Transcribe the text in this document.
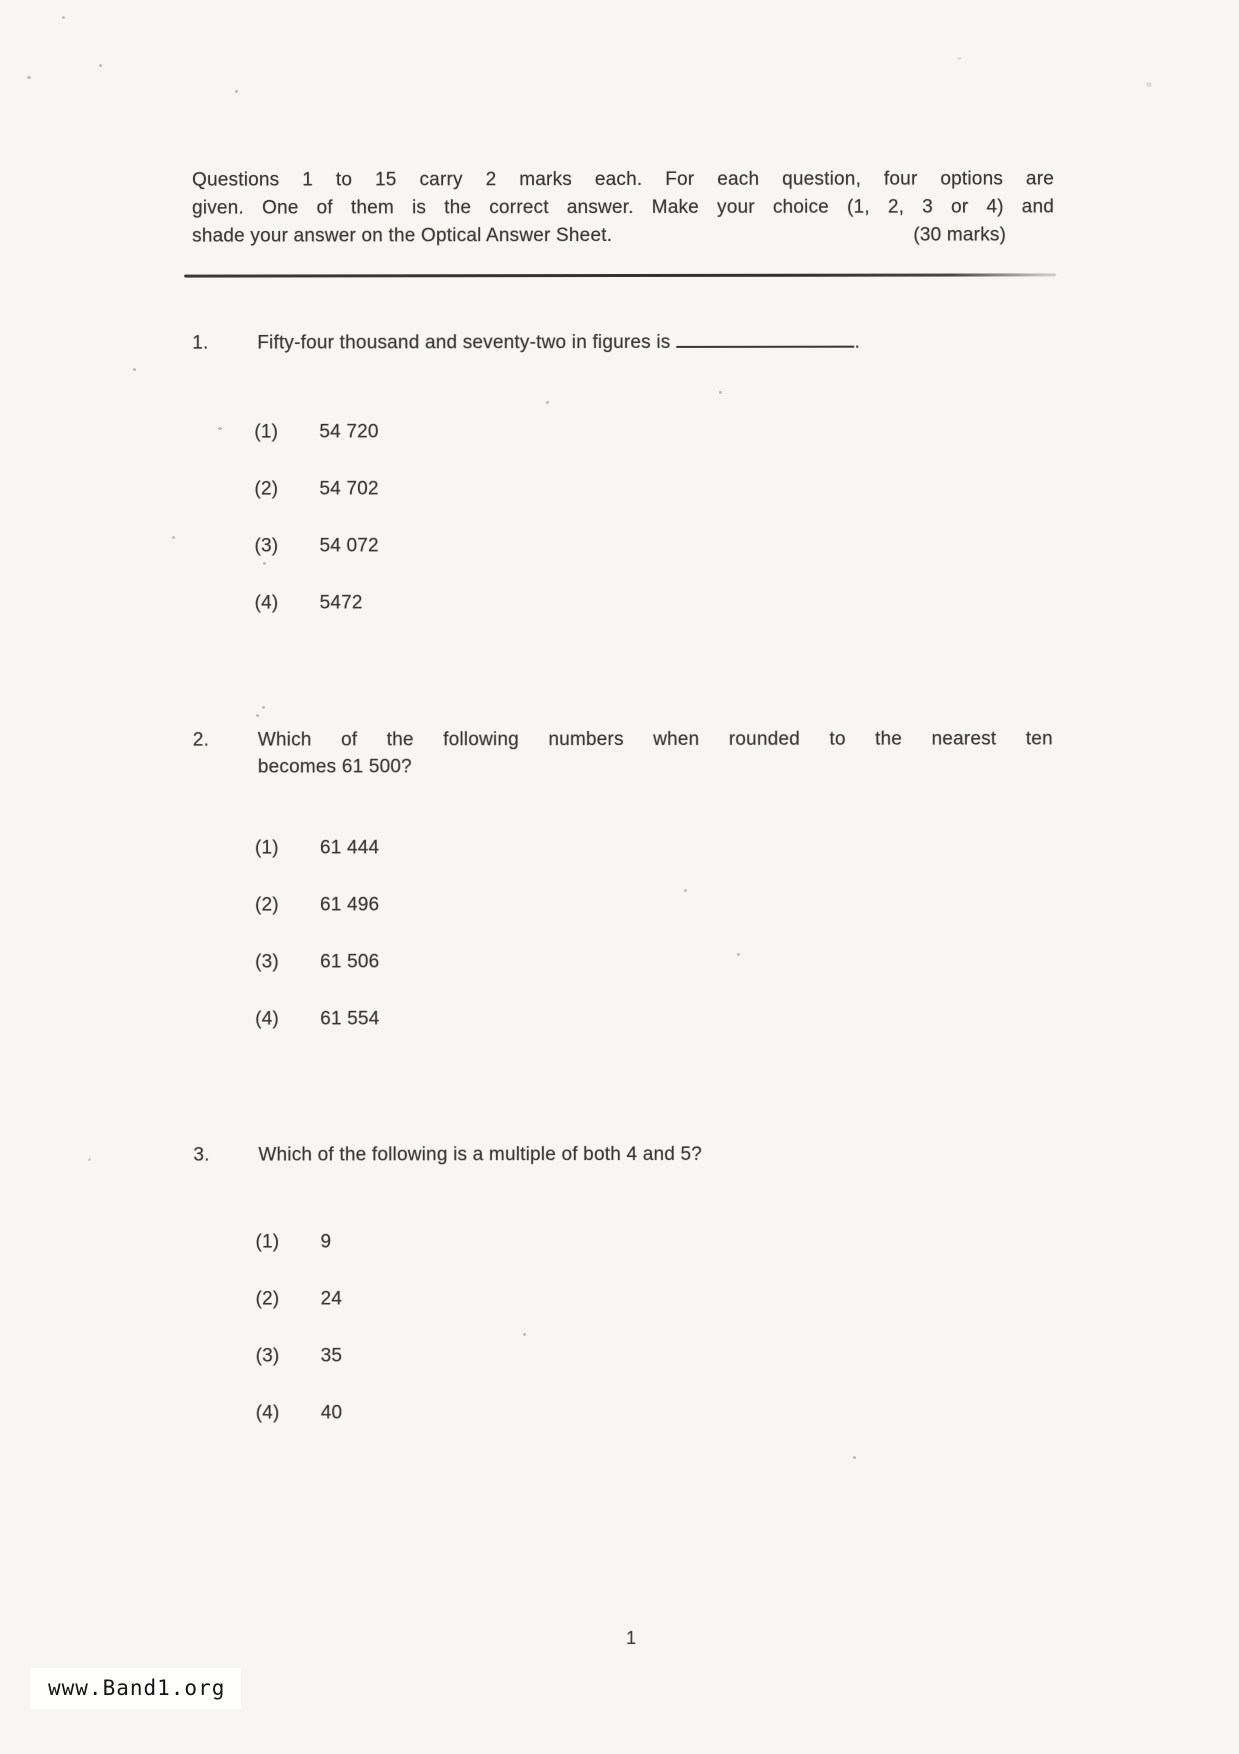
Questions 1 to 15 carry 2 marks each. For each question, four options are
given. One of them is the correct answer. Make your choice (1, 2, 3 or 4) and
shade your answer on the Optical Answer Sheet.	(30 marks)
1.	Fifty-four thousand and seventy-two in figures is	.
(1) 54 720
(2) 54 702
(3) 54 072
(4) 5472
2.	Which of the following numbers when rounded to the nearest ten
becomes 61 500?
(1) 61 444
(2) 61 496
(3) 61 506
(4) 61 554
3.	Which of the following is a multiple of both 4 and 5?
(1) 9
(2) 24
(3) 35
(4) 40
1
www.Band1.org
